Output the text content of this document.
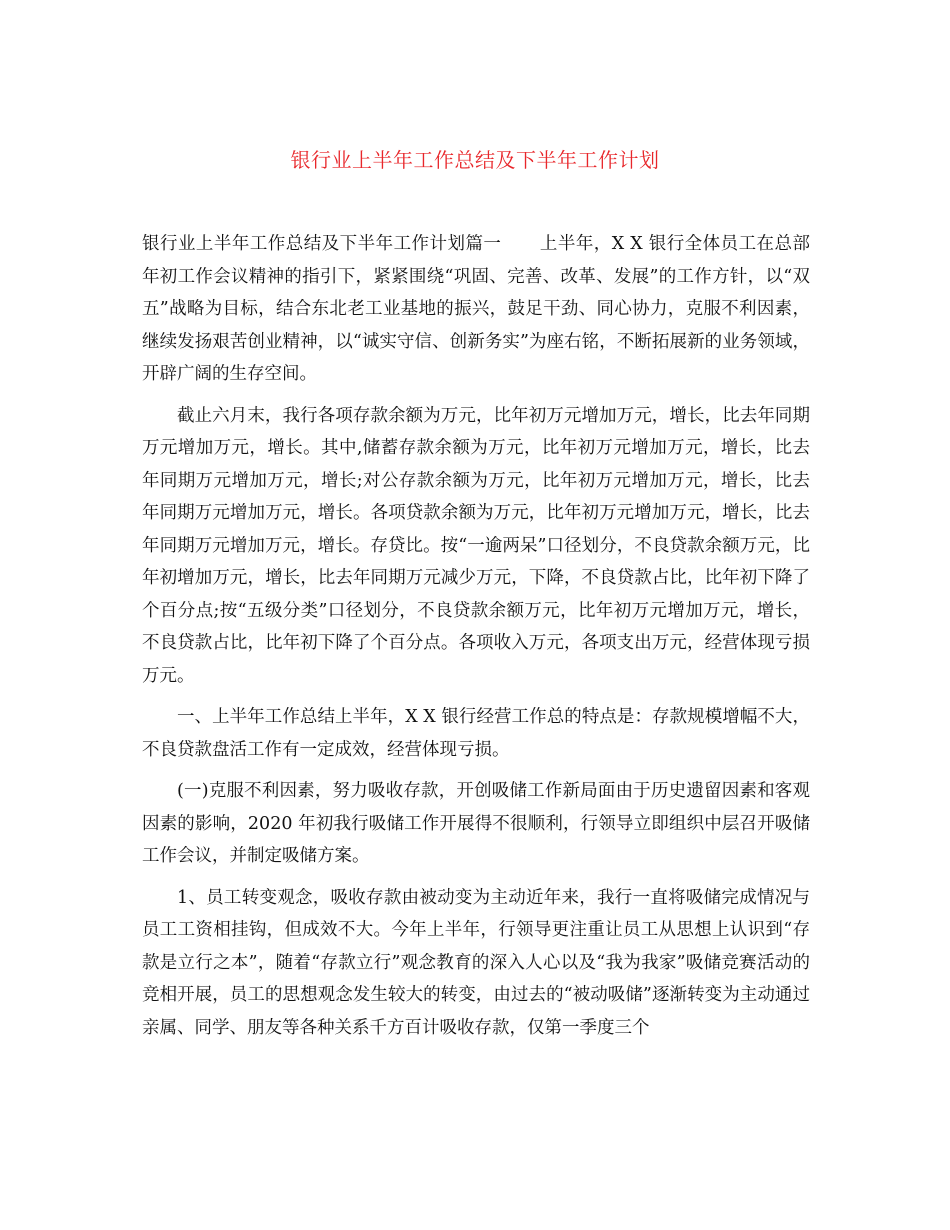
银行业上半年工作总结及下半年工作计划

银行业上半年工作总结及下半年工作计划篇一 上半年，X X 银行全体员工在总部年初工作会议精神的指引下，紧紧围绕“巩固、完善、改革、发展”的工作方针，以“双五”战略为目标，结合东北老工业基地的振兴，鼓足干劲、同心协力，克服不利因素，继续发扬艰苦创业精神，以“诚实守信、创新务实”为座右铭，不断拓展新的业务领域，开辟广阔的生存空间。

截止六月末，我行各项存款余额为万元，比年初万元增加万元，增长，比去年同期万元增加万元，增长。其中,储蓄存款余额为万元，比年初万元增加万元，增长，比去年同期万元增加万元，增长;对公存款余额为万元，比年初万元增加万元，增长，比去年同期万元增加万元，增长。各项贷款余额为万元，比年初万元增加万元，增长，比去年同期万元增加万元，增长。存贷比。按“一逾两呆”口径划分，不良贷款余额万元，比年初增加万元，增长，比去年同期万元减少万元，下降，不良贷款占比，比年初下降了个百分点;按“五级分类”口径划分，不良贷款余额万元，比年初万元增加万元，增长，不良贷款占比，比年初下降了个百分点。各项收入万元，各项支出万元，经营体现亏损万元。

一、上半年工作总结上半年，X X 银行经营工作总的特点是：存款规模增幅不大，不良贷款盘活工作有一定成效，经营体现亏损。

(一)克服不利因素，努力吸收存款，开创吸储工作新局面由于历史遗留因素和客观因素的影响，2020 年初我行吸储工作开展得不很顺利，行领导立即组织中层召开吸储工作会议，并制定吸储方案。

1、员工转变观念，吸收存款由被动变为主动近年来，我行一直将吸储完成情况与员工工资相挂钩，但成效不大。今年上半年，行领导更注重让员工从思想上认识到“存款是立行之本”，随着“存款立行”观念教育的深入人心以及“我为我家”吸储竞赛活动的竞相开展，员工的思想观念发生较大的转变，由过去的“被动吸储”逐渐转变为主动通过亲属、同学、朋友等各种关系千方百计吸收存款，仅第一季度三个
